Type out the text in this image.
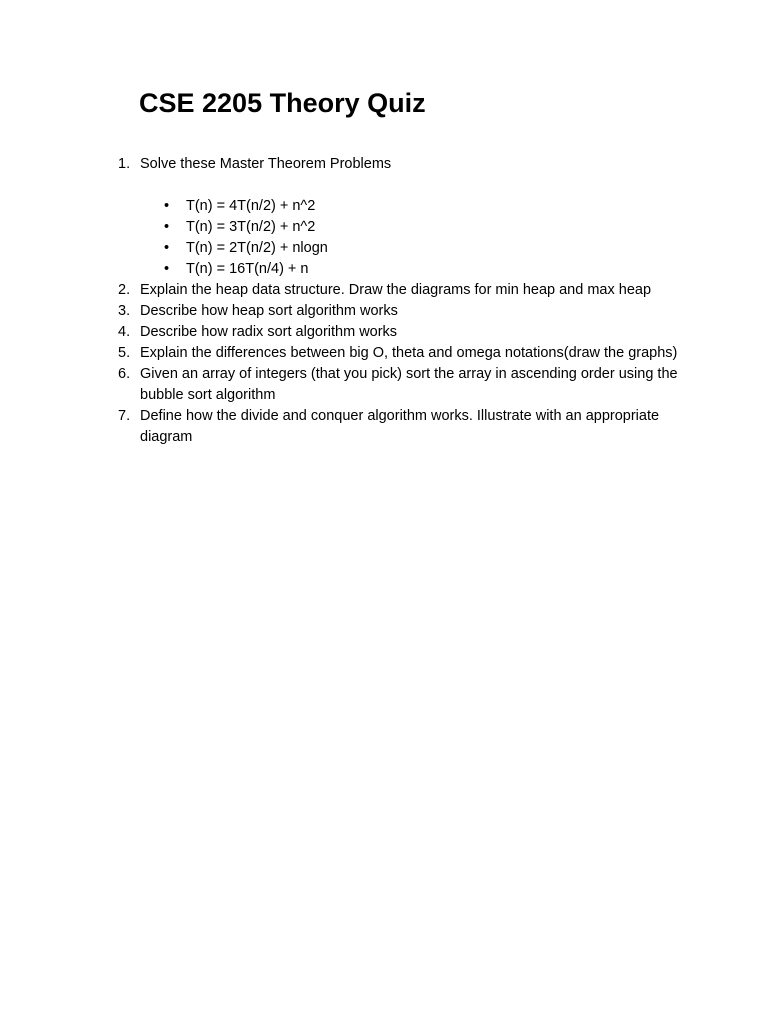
CSE 2205 Theory Quiz
1. Solve these Master Theorem Problems
• T(n) = 4T(n/2) + n^2
• T(n) = 3T(n/2) + n^2
• T(n) = 2T(n/2) + nlogn
• T(n) = 16T(n/4) + n
2. Explain the heap data structure. Draw the diagrams for min heap and max heap
3. Describe how heap sort algorithm works
4. Describe how radix sort algorithm works
5. Explain the differences between big O, theta and omega notations(draw the graphs)
6. Given an array of integers (that you pick) sort the array in ascending order using the bubble sort algorithm
7. Define how the divide and conquer algorithm works. Illustrate with an appropriate diagram
